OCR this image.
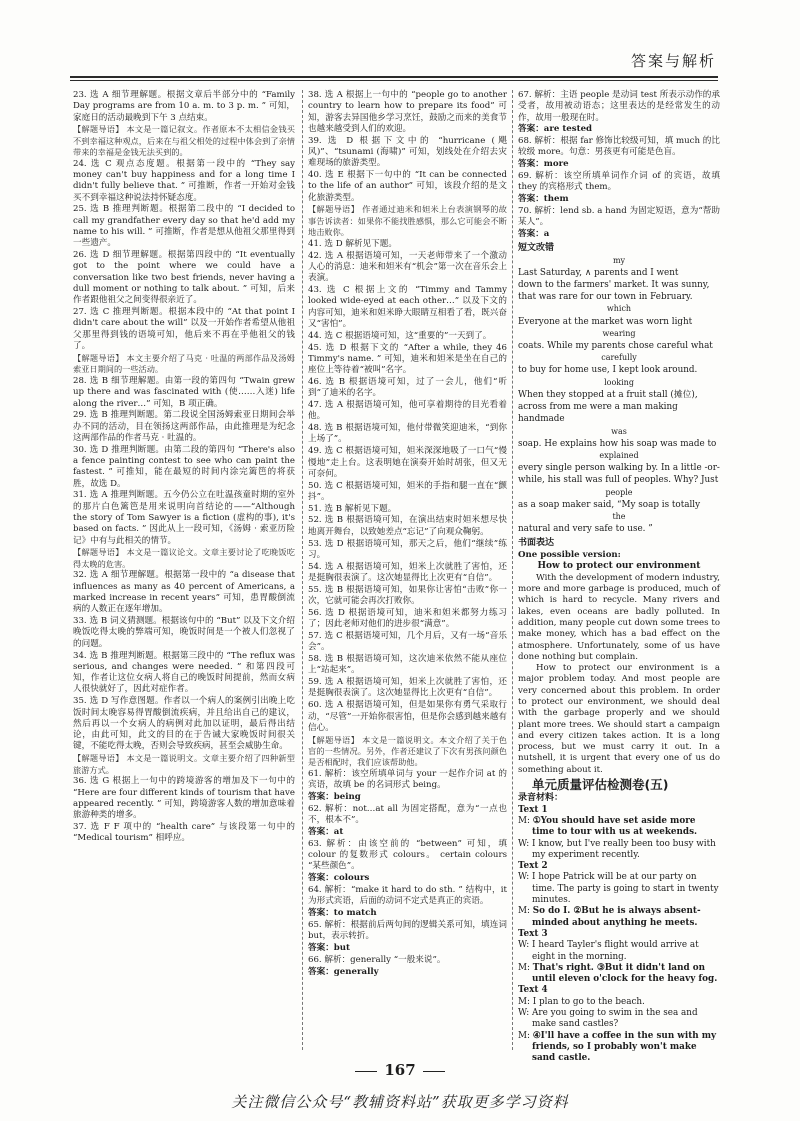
答案与解析
23. 选 A 细节理解题。根据文章后半部分中的 “Family Day programs are from 10 a. m. to 3 p. m. ” 可知，家庭日的活动最晚到下午 3 点结束。
【解题导语】 本文是一篇记叙文。作者原本不太相信金钱买不到幸福这种观点，后来在与祖父相处的过程中体会到了亲情带来的幸福是金钱无法买到的。
24. 选 C 观点态度题。根据第一段中的 “They say money can't buy happiness and for a long time I didn't fully believe that. ” 可推断，作者一开始对金钱买不到幸福这种说法持怀疑态度。
25. 选 B 推理判断题。根据第二段中的 “I decided to call my grandfather every day so that he'd add my name to his will. ” 可推断，作者是想从他祖父那里得到一些遗产。
26. 选 D 细节理解题。根据第四段中的 “It eventually got to the point where we could have a conversation like two best friends, never having a dull moment or nothing to talk about. ” 可知，后来作者跟他祖父之间变得很亲近了。
27. 选 C 推理判断题。根据本段中的 “At that point I didn't care about the will” 以及一开始作者希望从他祖父那里得到钱的语境可知，他后来不再在乎他祖父的钱了。
【解题导语】 本文主要介绍了马克 · 吐温的两部作品及汤姆索亚日期间的一些活动。
28. 选 B 细节理解题。由第一段的第四句 “Twain grew up there and was fascinated with (使……入迷) life along the river…” 可知，B 项正确。
29. 选 B 推理判断题。第二段说全国汤姆索亚日期间会举办不同的活动，目在领扬这两部作品，由此推理是为纪念这两部作品的作者马克 · 吐温的。
30. 选 D 推理判断题。由第二段的第四句 “There's also a fence painting contest to see who can paint the fastest. ” 可推知，能在最短的时间内涂完篱笆的将获胜，故选 D。
31. 选 A 推理判断题。五今仍公立在吐温孩童时期的室外的那片白色篱笆是用来说明向首结论的——“Although the story of Tom Sawyer is a fiction (虚构的事), it's based on facts. ” 因此从上一段可知，《汤姆 · 索亚历险记》中有与此相关的情节。
【解题导语】 本文是一篇议论文。文章主要讨论了吃晚饭吃得太晚的危害。
32. 选 A 细节理解题。根据第一段中的 “a disease that influences as many as 40 percent of Americans, a marked increase in recent years” 可知，患胃酸倒流病的人数正在逐年增加。
33. 选 B 词义猜测题。根据该句中的 “But” 以及下文介绍晚饭吃得太晚的弊端可知，晚饭时间是一个被人们忽视了的问题。
34. 选 B 推理判断题。根据第三段中的 “The reflux was serious, and changes were needed. ” 和第四段可知，作者让这位女病人将自己的晚饭时间提前，然而女病人很快就好了，因此对症作者。
35. 选 D 写作意图题。作者以一个病人的案例引出晚上吃饭时间太晚容易得胃酸倒流疾病，并且给出自己的建议，然后再以一个女病人的病例对此加以证明，最后得出结论，由此可知，此文的目的在于告诫大家晚饭时间很关键，不能吃得太晚，否则会导致疾病，甚至会威胁生命。
【解题导语】 本文是一篇说明文。文章主要介绍了四种新型旅游方式。
36. 选 G 根据上一句中的跨境游客的增加及下一句中的 “Here are four different kinds of tourism that have appeared recently. ” 可知，跨境游客人数的增加意味着旅游种类的增多。
37. 选 F F 项中的 “health care” 与该段第一句中的 “Medical tourism” 相呼应。
38. 选 A 根据上一句中的 “people go to another country to learn how to prepare its food” 可知，游客去异国他乡学习烹饪，鼓励之而来的美食节也越来越受到人们的欢迎。
39. 选 D 根据下文中的 “hurricane (飓风)”、“tsunami (海啸)” 可知，划线处在介绍去灾难现场的旅游类型。
40. 选 E 根据下一句中的 “It can be connected to the life of an author” 可知，该段介绍的是文化旅游类型。
【解题导语】 作者通过迪米和妲米上台表演钢琴的故事告诉读者：如果你不能找胜感惧，那么它可能会不断地击败你。
41. 选 D 解析见下题。
42. 选 A 根据语境可知，一天老师带来了一个激动人心的消息：迪米和妲米有“机会”第一次在音乐会上表演。
43. 选 C 根据上文的 “Timmy and Tammy looked wide-eyed at each other…” 以及下文的内容可知，迪米和妲米睁大眼睛互相看了看，既兴奋又“害怕”。
44. 选 C 根据语境可知，这“重要的”一天到了。
45. 选 D 根据下文的 “After a while, they 46 Timmy's name. ” 可知，迪米和妲米是坐在自己的座位上等待着“被叫”名字。
46. 选 B 根据语境可知，过了一会儿，他们“听到”了迪米的名字。
47. 选 A 根据语境可知，他可享着期待的目光看着他。
48. 选 B 根据语境可知，他付带微笑迎迪米，“到你上场了”。
49. 选 C 根据语境可知，妲米深深地吸了一口气“慢慢地”走上台。这表明她在演奏开始时胡张，但又无可奈何。
50. 选 C 根据语境可知，妲米的手指和腿一直在“颤抖”。
51. 选 B 解析见下题。
52. 选 B 根据语境可知，在演出结束时妲米想尽快地离开舞台，以致她差点“忘记”了向观众鞠躬。
53. 选 D 根据语境可知，那天之后，他们“继续”练习。
54. 选 A 根据语境可知，妲米上次就胜了害怕，还是挺胸很表演了。这次她显得比上次更有“自信”。
55. 选 B 根据语境可知，如果你让害怕“击败”你一次，它就可能会再次打败你。
56. 选 D 根据语境可知，迪米和妲米都努力练习了；因此老师对他们的进步很“满意”。
57. 选 C 根据语境可知，几个月后，又有一场“音乐会”。
58. 选 B 根据语境可知，这次迪米依然不能从座位上“站起来”。
59. 选 A 根据语境可知，妲米上次就胜了害怕，还是挺胸很表演了。这次她显得比上次更有“自信”。
60. 选 A 根据语境可知，但是如果你有勇气采取行动，“尽管”一开始你很害怕，但是你会感到越来越有信心。
【解题导语】 本文是一篇说明文。本文介绍了关于色盲的一些情况。另外，作者还建议了下次有男孩问颜色是否相配时，我们应该帮助他。
61. 解析：该空所填单词与 your 一起作介词 at 的宾语，故填 be 的名词形式 being。
答案：being
62. 解析：not…at all 为固定搭配，意为“一点也不，根本不”。
答案：at
63. 解析：由该空前的 “between” 可知，填 colour 的复数形式 colours。 certain colours “某些颜色”。
答案：colours
64. 解析：“make it hard to do sth. ” 结构中，it 为形式宾语，后面的动词不定式是真正的宾语。
答案：to match
65. 解析：根据前后两句间的逻辑关系可知，填连词 but，表示转折。
答案：but
66. 解析：generally “一般来说”。
答案：generally
67. 解析：主语 people 是动词 test 所表示动作的承受者，故用被动语态；这里表达的是经常发生的动作，故用一般现在时。
答案：are tested
68. 解析：根据 far 修饰比较级可知，填 much 的比较级 more。句意：男孩更有可能是色盲。
答案：more
69. 解析：该空所填单词作介词 of 的宾语，故填 they 的宾格形式 them。
答案：them
70. 解析：lend sb. a hand 为固定短语，意为“帮助某人”。
答案：a
短文改错
my
Last Saturday, ∧ parents and I went
down to the farmers' market. It was sunny,
that was rare for our town in February.
which
Everyone at the market was worn light
wearing
coats. While my parents chose careful what
carefully
to buy for home use, I kept look around.
looking
When they stopped at a fruit stall (摊位),
across from me were a man making handmade
was
soap. He explains how his soap was made to
explained
every single person walking by. In a little -or-
while, his stall was full of peoples. Why? Just
people
as a soap maker said, “My soap is totally
the
natural and very safe to use. ”
书面表达
One possible version:
How to protect our environment
With the development of modern industry, more and more garbage is produced, much of which is hard to recycle. Many rivers and lakes, even oceans are badly polluted. In addition, many people cut down some trees to make money, which has a bad effect on the atmosphere. Unfortunately, some of us have done nothing but complain.
How to protect our environment is a major problem today. And most people are very concerned about this problem. In order to protect our environment, we should deal with the garbage properly and we should plant more trees. We should start a campaign and every citizen takes action. It is a long process, but we must carry it out. In a nutshell, it is urgent that every one of us do something about it.
单元质量评估检测卷(五)
录音材料：
Text 1
M: ①You should have set aside more time to tour with us at weekends.
W: I know, but I've really been too busy with my experiment recently.
Text 2
W: I hope Patrick will be at our party on time. The party is going to start in twenty minutes.
M: So do I. ②But he is always absent-minded about anything he meets.
Text 3
W: I heard Tayler's flight would arrive at eight in the morning.
M: That's right. ③But it didn't land on until eleven o'clock for the heavy fog.
Text 4
M: I plan to go to the beach.
W: Are you going to swim in the sea and make sand castles?
M: ④I'll have a coffee in the sun with my friends, so I probably won't make sand castle.
167
关注微信公众号“教辅资料站”获取更多学习资料
